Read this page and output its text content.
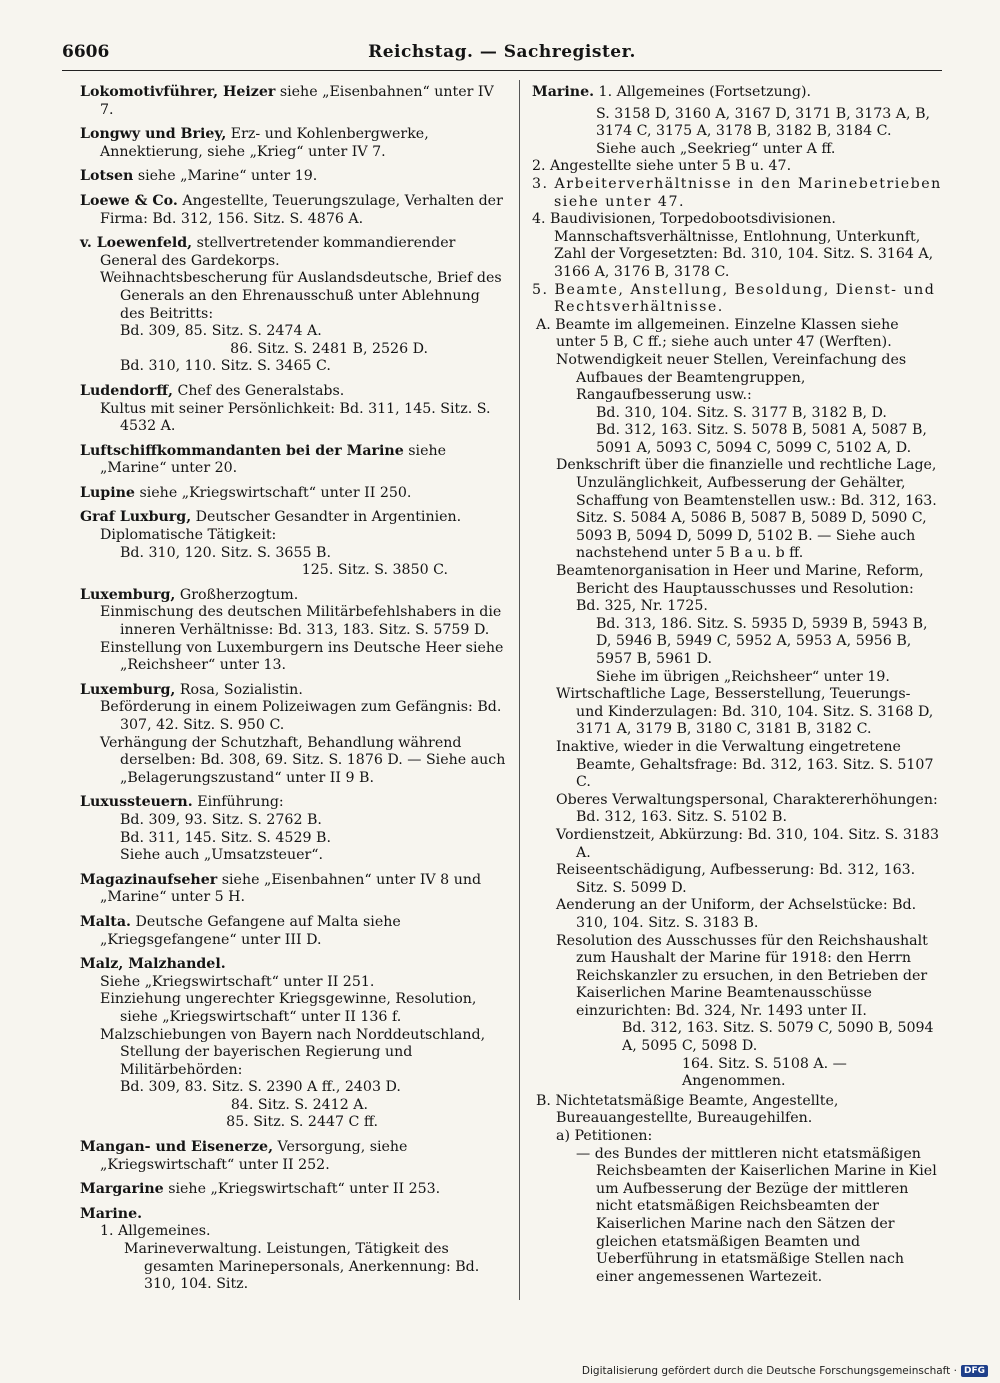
6606	Reichstag. — Sachregister.

Lokomotivführer, Heizer siehe „Eisenbahnen“ unter IV 7.

Longwy und Briey, Erz- und Kohlenbergwerke, Annektierung, siehe „Krieg“ unter IV 7.

Lotsen siehe „Marine“ unter 19.

Loewe & Co. Angestellte, Teuerungszulage, Verhalten der Firma: Bd. 312, 156. Sitz. S. 4876 A.

v. Loewenfeld, stellvertretender kommandierender General des Gardekorps.

Weihnachtsbescherung für Auslandsdeutsche, Brief des Generals an den Ehrenausschuß unter Ablehnung des Beitritts:

Bd. 309, 85. Sitz. S. 2474 A.

86. Sitz. S. 2481 B, 2526 D.

Bd. 310, 110. Sitz. S. 3465 C.

Ludendorff, Chef des Generalstabs.

Kultus mit seiner Persönlichkeit: Bd. 311, 145. Sitz. S. 4532 A.

Luftschiffkommandanten bei der Marine siehe „Marine“ unter 20.

Lupine siehe „Kriegswirtschaft“ unter II 250.

Graf Luxburg, Deutscher Gesandter in Argentinien. Diplomatische Tätigkeit:

Bd. 310, 120. Sitz. S. 3655 B.

125. Sitz. S. 3850 C.

Luxemburg, Großherzogtum.

Einmischung des deutschen Militärbefehlshabers in die inneren Verhältnisse: Bd. 313, 183. Sitz. S. 5759 D.

Einstellung von Luxemburgern ins Deutsche Heer siehe „Reichsheer“ unter 13.

Luxemburg, Rosa, Sozialistin.

Beförderung in einem Polizeiwagen zum Gefängnis: Bd. 307, 42. Sitz. S. 950 C.

Verhängung der Schutzhaft, Behandlung während derselben: Bd. 308, 69. Sitz. S. 1876 D. — Siehe auch „Belagerungszustand“ unter II 9 B.

Luxussteuern. Einführung:

Bd. 309, 93. Sitz. S. 2762 B.

Bd. 311, 145. Sitz. S. 4529 B.

Siehe auch „Umsatzsteuer“.

Magazinaufseher siehe „Eisenbahnen“ unter IV 8 und „Marine“ unter 5 H.

Malta. Deutsche Gefangene auf Malta siehe „Kriegsgefangene“ unter III D.

Malz, Malzhandel.

Siehe „Kriegswirtschaft“ unter II 251.

Einziehung ungerechter Kriegsgewinne, Resolution, siehe „Kriegswirtschaft“ unter II 136 f.

Malzschiebungen von Bayern nach Norddeutschland, Stellung der bayerischen Regierung und Militärbehörden:

Bd. 309, 83. Sitz. S. 2390 A ff., 2403 D.

84. Sitz. S. 2412 A.

85. Sitz. S. 2447 C ff.

Mangan- und Eisenerze, Versorgung, siehe „Kriegswirtschaft“ unter II 252.

Margarine siehe „Kriegswirtschaft“ unter II 253.

Marine.

1. Allgemeines.

Marineverwaltung. Leistungen, Tätigkeit des gesamten Marinepersonals, Anerkennung: Bd. 310, 104. Sitz.

Marine. 1. Allgemeines (Fortsetzung).

S. 3158 D, 3160 A, 3167 D, 3171 B, 3173 A, B, 3174 C, 3175 A, 3178 B, 3182 B, 3184 C.

Siehe auch „Seekrieg“ unter A ff.

2. Angestellte siehe unter 5 B u. 47.

3. Arbeiterverhältnisse in den Marinebetrieben siehe unter 47.

4. Baudivisionen, Torpedobootsdivisionen. Mannschaftsverhältnisse, Entlohnung, Unterkunft, Zahl der Vorgesetzten: Bd. 310, 104. Sitz. S. 3164 A, 3166 A, 3176 B, 3178 C.

5. Beamte, Anstellung, Besoldung, Dienst- und Rechtsverhältnisse.

A. Beamte im allgemeinen. Einzelne Klassen siehe unter 5 B, C ff.; siehe auch unter 47 (Werften).

Notwendigkeit neuer Stellen, Vereinfachung des Aufbaues der Beamtengruppen, Rangaufbesserung usw.:

Bd. 310, 104. Sitz. S. 3177 B, 3182 B, D.

Bd. 312, 163. Sitz. S. 5078 B, 5081 A, 5087 B, 5091 A, 5093 C, 5094 C, 5099 C, 5102 A, D.

Denkschrift über die finanzielle und rechtliche Lage, Unzulänglichkeit, Aufbesserung der Gehälter, Schaffung von Beamtenstellen usw.: Bd. 312, 163. Sitz. S. 5084 A, 5086 B, 5087 B, 5089 D, 5090 C, 5093 B, 5094 D, 5099 D, 5102 B. — Siehe auch nachstehend unter 5 B a u. b ff.

Beamtenorganisation in Heer und Marine, Reform, Bericht des Hauptausschusses und Resolution: Bd. 325, Nr. 1725.

Bd. 313, 186. Sitz. S. 5935 D, 5939 B, 5943 B, D, 5946 B, 5949 C, 5952 A, 5953 A, 5956 B, 5957 B, 5961 D.

Siehe im übrigen „Reichsheer“ unter 19.

Wirtschaftliche Lage, Besserstellung, Teuerungs- und Kinderzulagen: Bd. 310, 104. Sitz. S. 3168 D, 3171 A, 3179 B, 3180 C, 3181 B, 3182 C.

Inaktive, wieder in die Verwaltung eingetretene Beamte, Gehaltsfrage: Bd. 312, 163. Sitz. S. 5107 C.

Oberes Verwaltungspersonal, Charaktererhöhungen: Bd. 312, 163. Sitz. S. 5102 B.

Vordienstzeit, Abkürzung: Bd. 310, 104. Sitz. S. 3183 A.

Reiseentschädigung, Aufbesserung: Bd. 312, 163. Sitz. S. 5099 D.

Aenderung an der Uniform, der Achselstücke: Bd. 310, 104. Sitz. S. 3183 B.

Resolution des Ausschusses für den Reichshaushalt zum Haushalt der Marine für 1918: den Herrn Reichskanzler zu ersuchen, in den Betrieben der Kaiserlichen Marine Beamtenausschüsse einzurichten: Bd. 324, Nr. 1493 unter II.

Bd. 312, 163. Sitz. S. 5079 C, 5090 B, 5094 A, 5095 C, 5098 D.

164. Sitz. S. 5108 A. — Angenommen.

B. Nichtetatsmäßige Beamte, Angestellte, Bureauangestellte, Bureaugehilfen.

a) Petitionen:

— des Bundes der mittleren nicht etatsmäßigen Reichsbeamten der Kaiserlichen Marine in Kiel um Aufbesserung der Bezüge der mittleren nicht etatsmäßigen Reichsbeamten der Kaiserlichen Marine nach den Sätzen der gleichen etatsmäßigen Beamten und Ueberführung in etatsmäßige Stellen nach einer angemessenen Wartezeit.

Digitalisierung gefördert durch die Deutsche Forschungsgemeinschaft · DFG
